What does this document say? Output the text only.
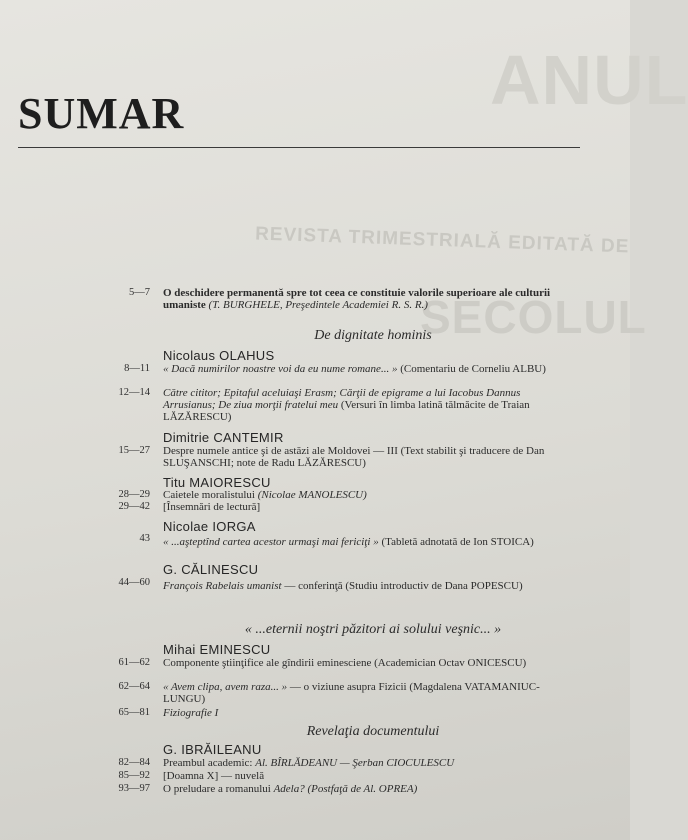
REVISTA TRIMESTRIALĂ EDITATĂ DE
SECOLUL
ANUL
SUMAR
5—7 O deschidere permanentă spre tot ceea ce constituie valorile superioare ale culturii umaniste (T. BURGHELE, Preşedintele Academiei R. S. R.)
De dignitate hominis
Nicolaus OLAHUS
8—11 « Dacă numirilor noastre voi da eu nume romane... » (Comentariu de Corneliu ALBU)
12—14 Către cititor; Epitaful aceluiaşi Erasm; Cărţii de epigrame a lui Iacobus Dannus Arrusianus; De ziua morţii fratelui meu (Versuri în limba latină tălmăcite de Traian LĂZĂRESCU)
Dimitrie CANTEMIR
15—27 Despre numele antice şi de astăzi ale Moldovei — III (Text stabilit şi traducere de Dan SLUŞANSCHI; note de Radu LĂZĂRESCU)
Titu MAIORESCU
28—29 Caietele moralistului (Nicolae MANOLESCU)
29—42 [Însemnări de lectură]
Nicolae IORGA
43 « ...aşteptînd cartea acestor urmaşi mai fericiţi » (Tabletă adnotată de Ion STOICA)
G. CĂLINESCU
44—60 François Rabelais umanist — conferinţă (Studiu introductiv de Dana POPESCU)
« ...eternii noştri păzitori ai solului veşnic... »
Mihai EMINESCU
61—62 Componente ştiinţifice ale gîndirii eminesciene (Academician Octav ONICESCU)
62—64 « Avem clipa, avem raza... » — o viziune asupra Fizicii (Magdalena VATAMANIUC-LUNGU)
65—81 Fiziografie I
Revelaţia documentului
G. IBRĂILEANU
82—84 Preambul academic: Al. BÎRLĂDEANU — Şerban CIOCULESCU
85—92 [Doamna X] — nuvelă
93—97 O preludare a romanului Adela? (Postfaţă de Al. OPREA)
